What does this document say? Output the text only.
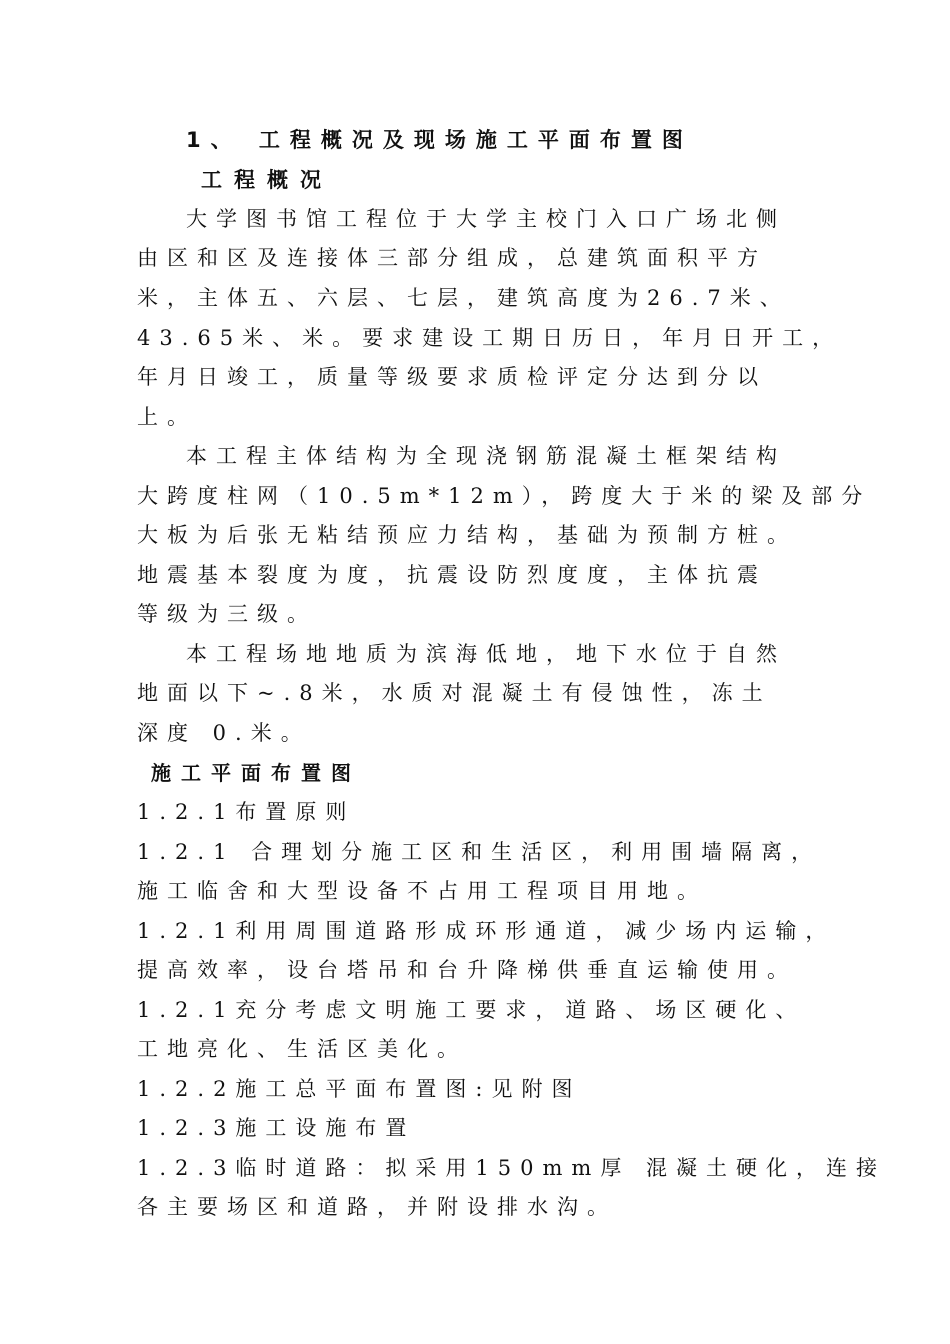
1、 工程概况及现场施工平面布置图
工程概况
大学图书馆工程位于大学主校门入口广场北侧
由区和区及连接体三部分组成，总建筑面积平方
米，主体五、六层、七层，建筑高度为26.7米、
43.65米、米。要求建设工期日历日，年月日开工，
年月日竣工，质量等级要求质检评定分达到分以
上。
本工程主体结构为全现浇钢筋混凝土框架结构
大跨度柱网（10.5m*12m），跨度大于米的梁及部分
大板为后张无粘结预应力结构，基础为预制方桩。
地震基本裂度为度，抗震设防烈度度，主体抗震
等级为三级。
本工程场地地质为滨海低地，地下水位于自然
地面以下~.8米，水质对混凝土有侵蚀性，冻土
深度 0.米。
施工平面布置图
1.2.1布置原则
1.2.1 合理划分施工区和生活区，利用围墙隔离，
施工临舍和大型设备不占用工程项目用地。
1.2.1利用周围道路形成环形通道，减少场内运输，
提高效率，设台塔吊和台升降梯供垂直运输使用。
1.2.1充分考虑文明施工要求，道路、场区硬化、
工地亮化、生活区美化。
1.2.2施工总平面布置图:见附图
1.2.3施工设施布置
1.2.3临时道路：拟采用150mm厚 混凝土硬化，连接
各主要场区和道路，并附设排水沟。
